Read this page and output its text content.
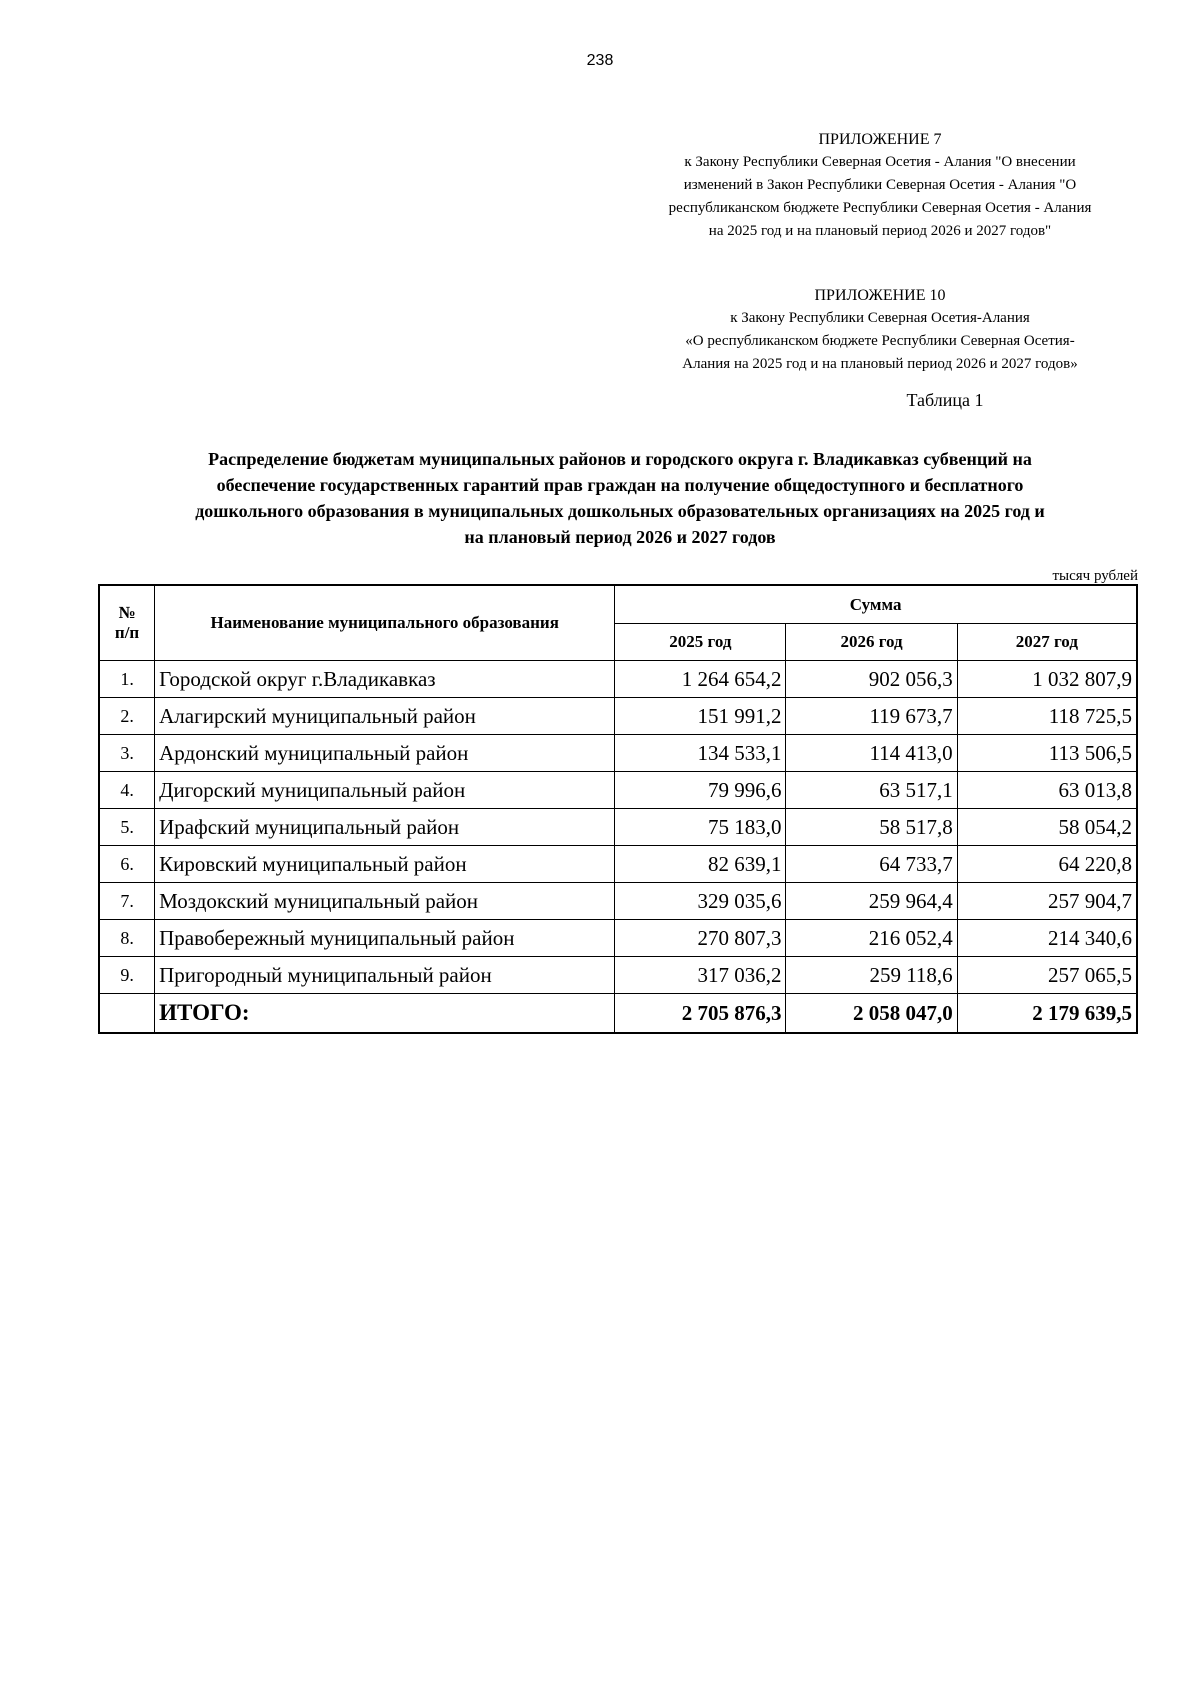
238
ПРИЛОЖЕНИЕ 7
к Закону Республики Северная Осетия - Алания "О внесении
изменений в Закон Республики Северная Осетия - Алания "О
республиканском бюджете Республики Северная Осетия - Алания
на 2025 год и на плановый период 2026 и 2027 годов"
ПРИЛОЖЕНИЕ 10
к Закону Республики Северная Осетия-Алания
«О республиканском бюджете Республики Северная Осетия-
Алания на 2025 год и на плановый период 2026 и 2027 годов»
Таблица 1
Распределение бюджетам муниципальных районов и городского округа г. Владикавказ субвенций на
обеспечение государственных гарантий прав граждан на получение общедоступного и бесплатного
дошкольного образования в муниципальных дошкольных образовательных организациях на 2025 год и
на плановый период 2026 и 2027 годов
тысяч рублей
№
п/п	Наименование муниципального образования	Сумма		
		2025 год	2026 год	2027 год
1.	Городской округ г.Владикавказ	1 264 654,2	902 056,3	1 032 807,9
2.	Алагирский муниципальный район	151 991,2	119 673,7	118 725,5
3.	Ардонский муниципальный район	134 533,1	114 413,0	113 506,5
4.	Дигорский муниципальный район	79 996,6	63 517,1	63 013,8
5.	Ирафский муниципальный район	75 183,0	58 517,8	58 054,2
6.	Кировский муниципальный район	82 639,1	64 733,7	64 220,8
7.	Моздокский муниципальный район	329 035,6	259 964,4	257 904,7
8.	Правобережный муниципальный район	270 807,3	216 052,4	214 340,6
9.	Пригородный муниципальный район	317 036,2	259 118,6	257 065,5
	ИТОГО:	2 705 876,3	2 058 047,0	2 179 639,5
